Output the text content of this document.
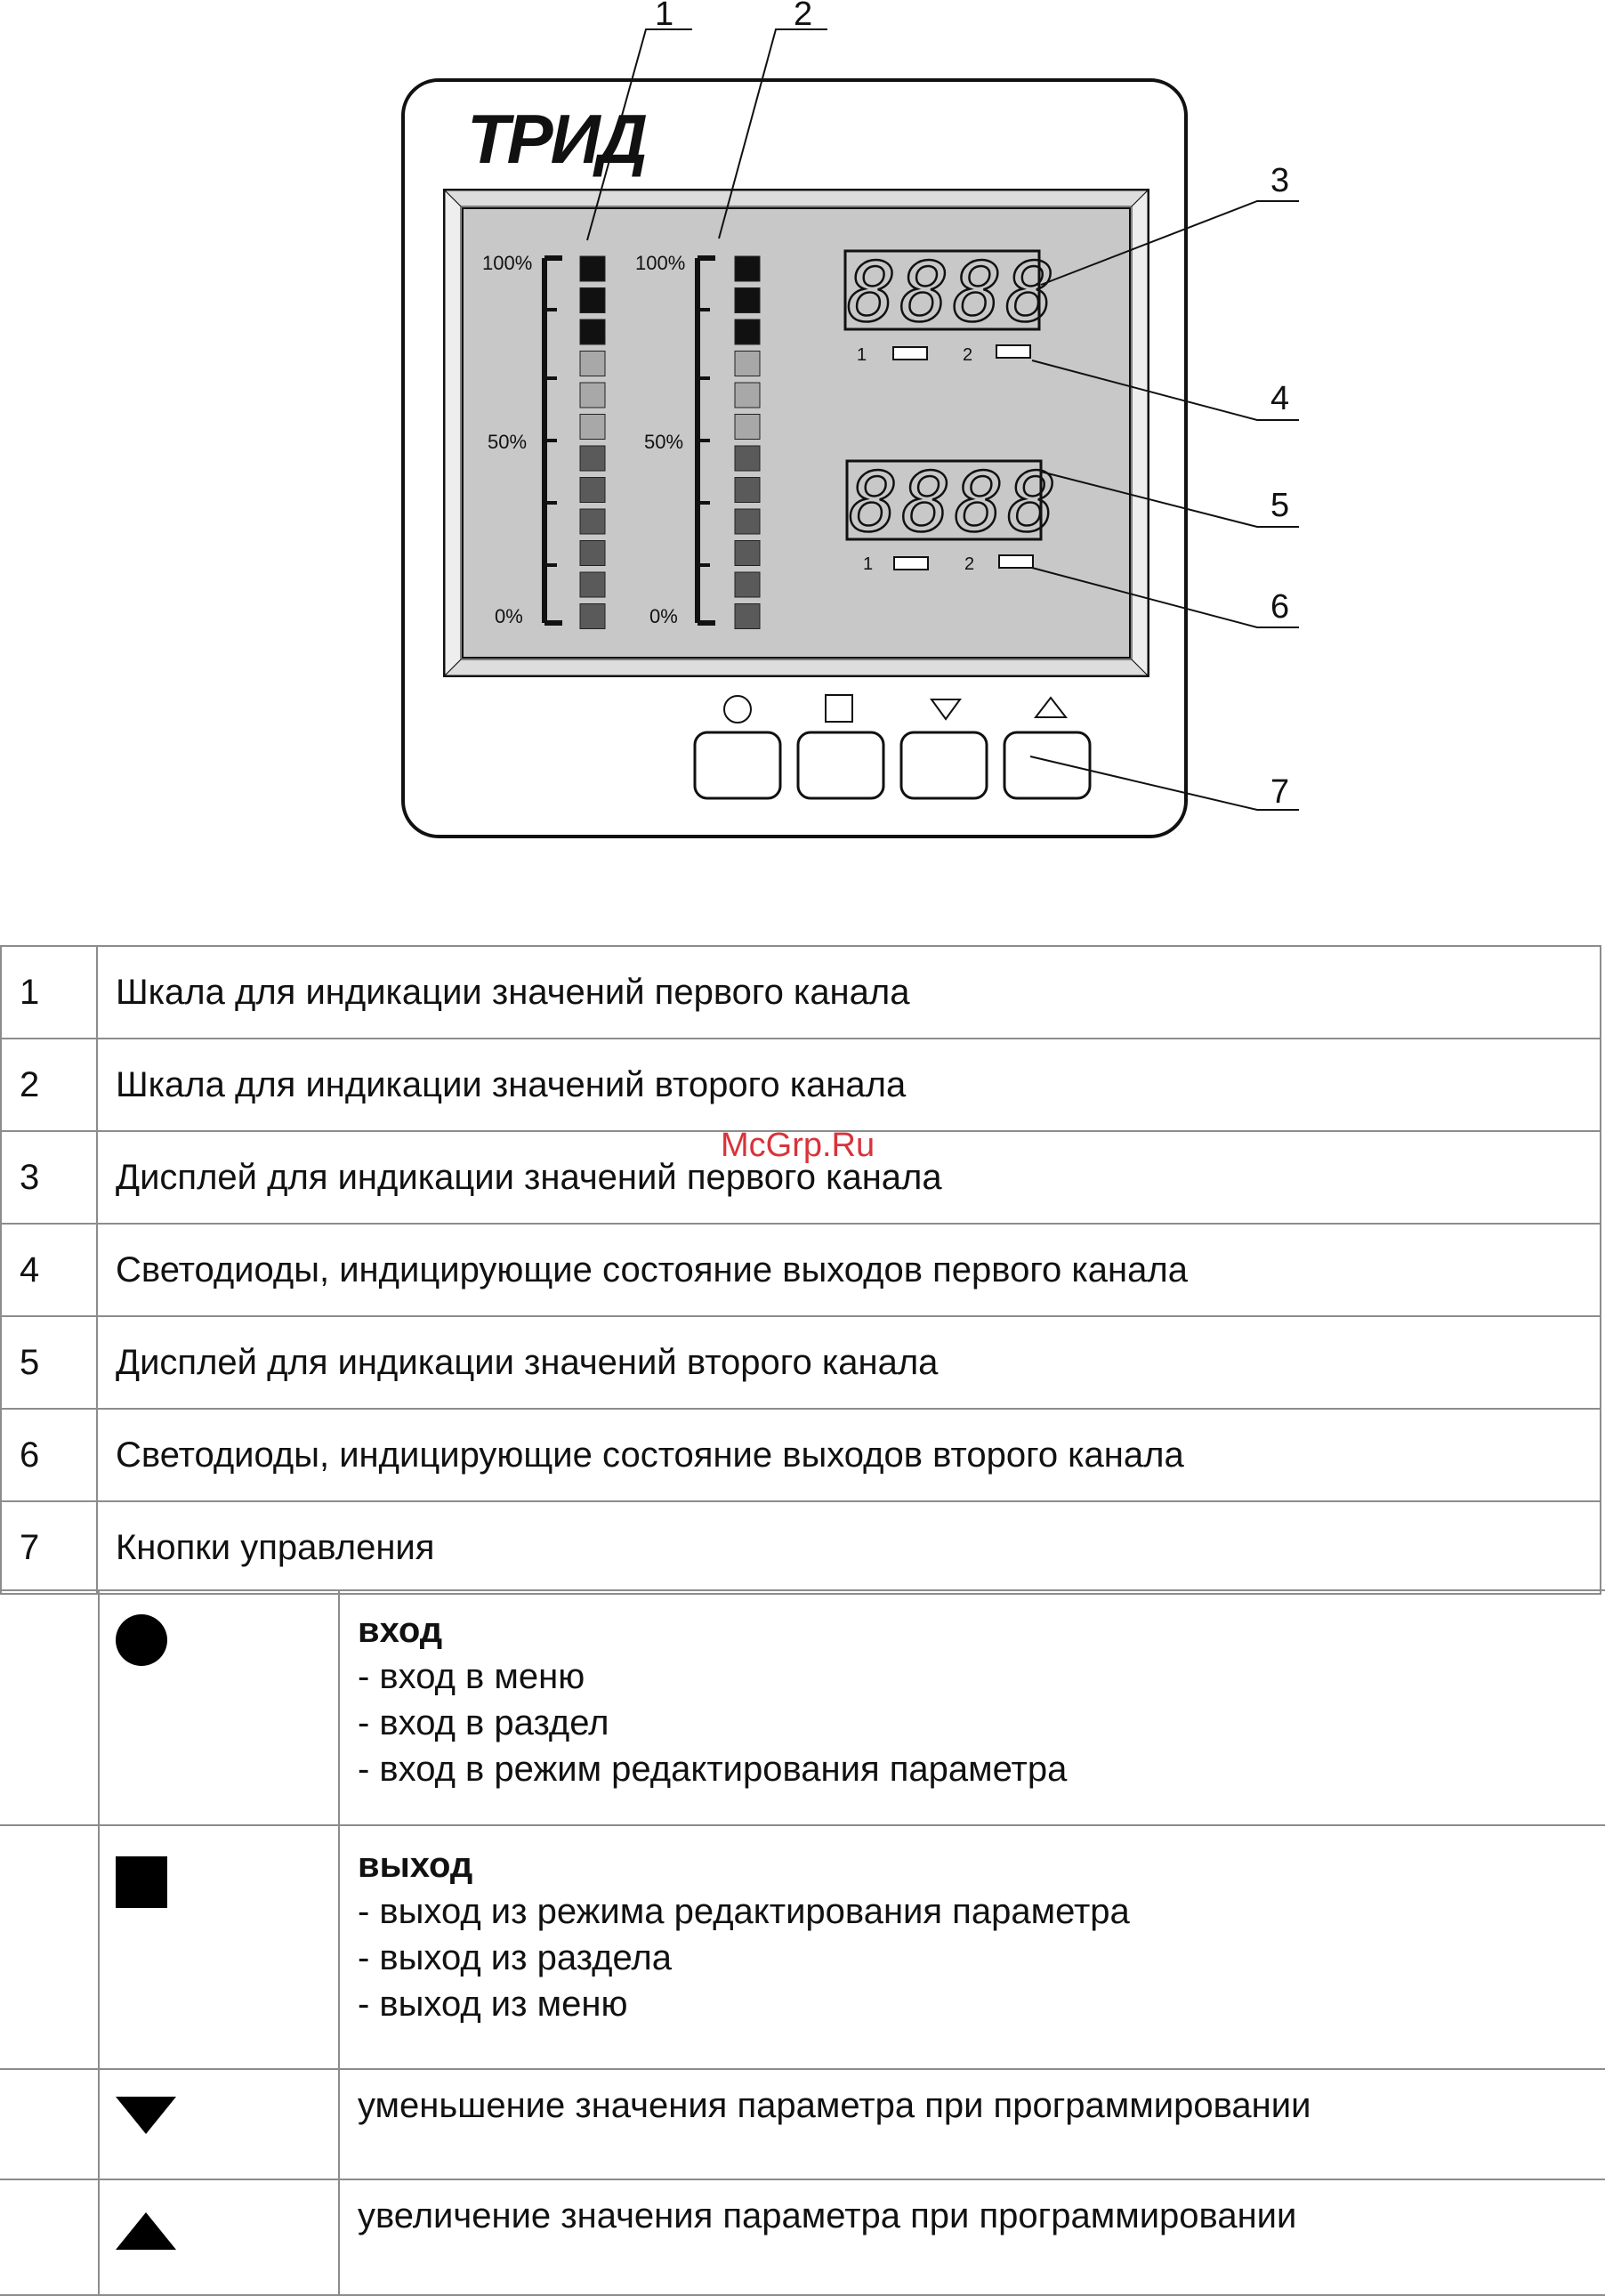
ТРИД
100%
50%
0%
100%
50%
0%
8888
1	2
8888
1	2
1	2
3
4
5
6
7
1	Шкала для индикации значений первого канала
2	Шкала для индикации значений второго канала
3	Дисплей для индикации значений первого канала
4	Светодиоды, индицирующие состояние выходов первого канала
5	Дисплей для индикации значений второго канала
6	Светодиоды, индицирующие состояние выходов второго канала
7	Кнопки управления

		вход
- вход в меню
- вход в раздел
- вход в режим редактирования параметра

		выход
- выход из режима редактирования параметра
- выход из раздела
- выход из меню

		уменьшение значения параметра при программировании

		увеличение значения параметра при программировании
McGrp.Ru
